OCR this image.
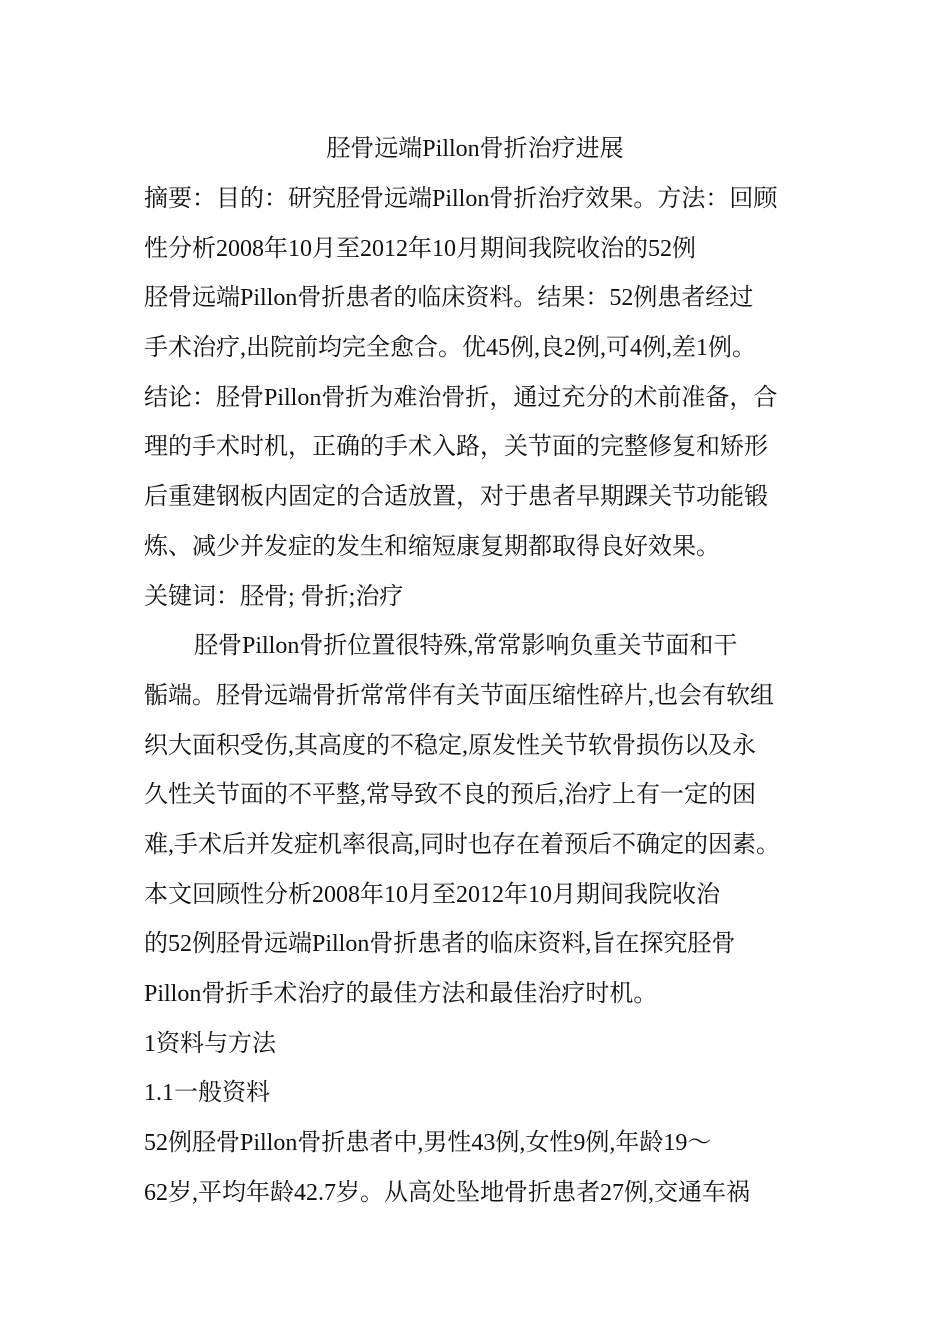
胫骨远端Pillon骨折治疗进展
摘要：目的：研究胫骨远端Pillon骨折治疗效果。方法：回顾
性分析2008年10月至2012年10月期间我院收治的52例
胫骨远端Pillon骨折患者的临床资料。结果：52例患者经过
手术治疗,出院前均完全愈合。优45例,良2例,可4例,差1例。
结论：胫骨Pillon骨折为难治骨折，通过充分的术前准备，合
理的手术时机，正确的手术入路，关节面的完整修复和矫形
后重建钢板内固定的合适放置，对于患者早期踝关节功能锻
炼、减少并发症的发生和缩短康复期都取得良好效果。
关键词：胫骨; 骨折;治疗
胫骨Pillon骨折位置很特殊,常常影响负重关节面和干
骺端。胫骨远端骨折常常伴有关节面压缩性碎片,也会有软组
织大面积受伤,其高度的不稳定,原发性关节软骨损伤以及永
久性关节面的不平整,常导致不良的预后,治疗上有一定的困
难,手术后并发症机率很高,同时也存在着预后不确定的因素。
本文回顾性分析2008年10月至2012年10月期间我院收治
的52例胫骨远端Pillon骨折患者的临床资料,旨在探究胫骨
Pillon骨折手术治疗的最佳方法和最佳治疗时机。
1资料与方法
1.1一般资料
52例胫骨Pillon骨折患者中,男性43例,女性9例,年龄19～
62岁,平均年龄42.7岁。从高处坠地骨折患者27例,交通车祸
